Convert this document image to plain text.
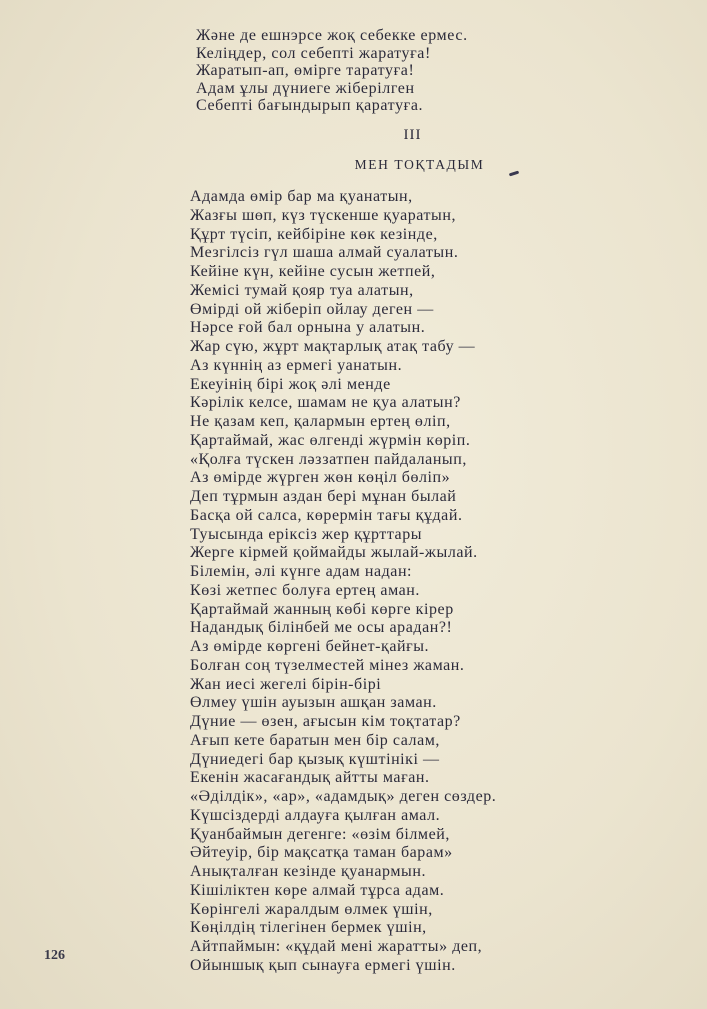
Жәнe де ешнэрсе жоқ себекке ермес.
Келіңдер, сол себепті жаратуға!
Жаратып-ап, өмірге таратуға!
Адам ұлы дүниеге жіберілген
Себепті бағындырып қаратуға.
III
МЕН ТОҚТАДЫМ
Адамда өмір бар ма қуанатын,
Жазғы шөп, күз түскенше қуаратын,
Құрт түсіп, кейбіріне көк кезінде,
Мезгілсіз гүл шаша алмай суалатын.
Кейіне күн, кейіне сусын жетпей,
Жемісі тумай қояр туа алатын,
Өмірді ой жіберіп ойлау деген —
Нәрсе ғой бал орнына у алатын.
Жар сүю, жұрт мақтарлық атақ табу —
Аз күннің аз ермегі уанатын.
Екеуінің бірі жоқ әлі менде
Кәрілік келсе, шамам не қуа алатын?
Не қазам кеп, қалармын ертең өліп,
Қартаймай, жас өлгенді жүрмін көріп.
«Қолға түскен ләззатпен пайдаланып,
Аз өмірде жүрген жөн көңіл бөліп»
Деп тұрмын аздан бері мұнан былай
Басқа ой салса, көрермін тағы құдай.
Туысында ерікcіз жер құрттары
Жерге кірмей қоймайды жылай-жылай.
Білемін, әлі күнге адам надан:
Көзі жетпес болуға ертең аман.
Қартаймай жанның көбі көрге кірер
Надандық білінбей ме осы арадан?!
Аз өмірде көргені бейнет-қайғы.
Болған соң түзелместей мінез жаман.
Жан иесі жегелі бірін-бірі
Өлмеу үшін ауызын ашқан заман.
Дүние — өзен, ағысын кім тоқтатар?
Ағып кете баратын мен бір салам,
Дүниедегі бар қызық күштінікі —
Екенін жасағандық айтты маған.
«Әділдік», «ар», «адамдық» деген сөздер.
Күшсіздерді алдауға қылған амал.
Қуанбаймын дегенге: «өзім білмей,
Әйтеуір, бір мақсатқа таман барам»
Анықталған кезінде қуанармын.
Кішіліктен көре алмай тұрса адам.
Көрінгелі жаралдым өлмек үшін,
Көңілдің тілегінен бермек үшін,
Айтпаймын: «құдай мені жаратты» деп,
Ойыншық қып сынауға ермегі үшін.
126
